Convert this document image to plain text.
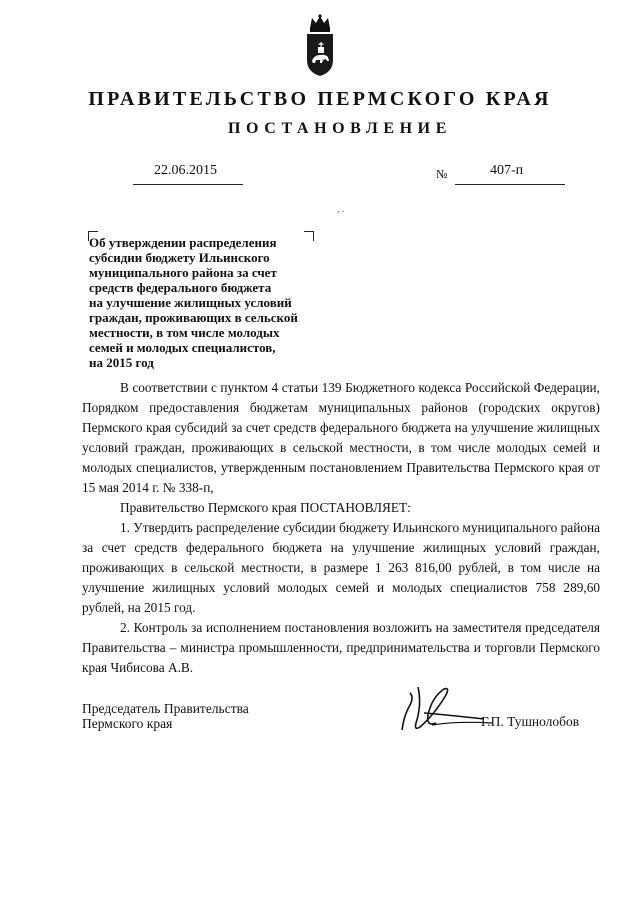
ПРАВИТЕЛЬСТВО ПЕРМСКОГО КРАЯ
ПОСТАНОВЛЕНИЕ
22.06.2015	№	407-п
, .
Об утверждении распределения
субсидии бюджету Ильинского
муниципального района за счет
средств федерального бюджета
на улучшение жилищных условий
граждан, проживающих в сельской
местности, в том числе молодых
семей и молодых специалистов,
на 2015 год

В соответствии с пунктом 4 статьи 139 Бюджетного кодекса Российской Федерации, Порядком предоставления бюджетам муниципальных районов (городских округов) Пермского края субсидий за счет средств федерального бюджета на улучшение жилищных условий граждан, проживающих в сельской местности, в том числе молодых семей и молодых специалистов, утвержденным постановлением Правительства Пермского края от 15 мая 2014 г. № 338-п,

Правительство Пермского края ПОСТАНОВЛЯЕТ:

1. Утвердить распределение субсидии бюджету Ильинского муниципального района за счет средств федерального бюджета на улучшение жилищных условий граждан, проживающих в сельской местности, в размере 1 263 816,00 рублей, в том числе на улучшение жилищных условий молодых семей и молодых специалистов 758 289,60 рублей, на 2015 год.

2. Контроль за исполнением постановления возложить на заместителя председателя Правительства – министра промышленности, предпринимательства и торговли Пермского края Чибисова А.В.

Председатель Правительства
Пермского края	Г.П. Тушнолобов
